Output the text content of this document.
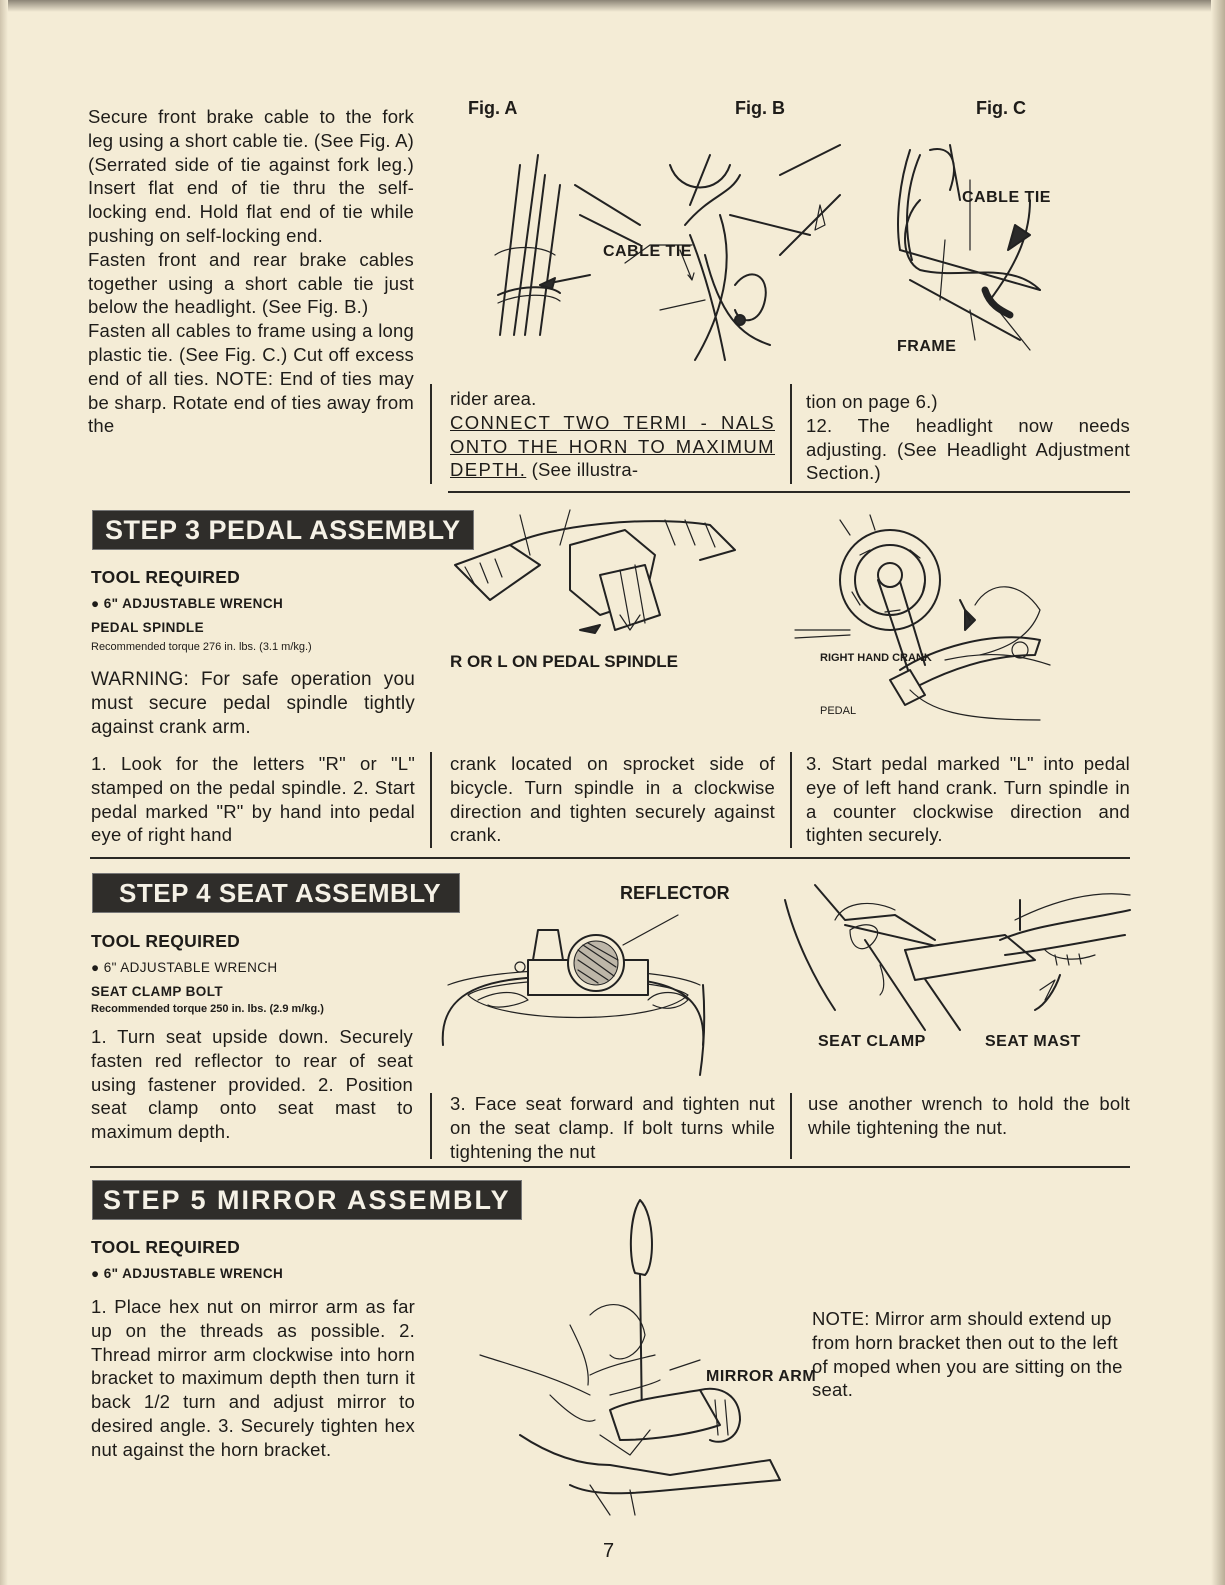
Secure front brake cable to the fork leg using a short cable tie. (See Fig. A) (Serrated side of tie against fork leg.) Insert flat end of tie thru the self-locking end. Hold flat end of tie while pushing on self-locking end.

Fasten front and rear brake cables together using a short cable tie just below the headlight. (See Fig. B.)

Fasten all cables to frame using a long plastic tie. (See Fig. C.) Cut off excess end of all ties. NOTE: End of ties may be sharp. Rotate end of ties away from the

rider area.
CONNECT TWO TERMI - NALS ONTO THE HORN TO MAXIMUM DEPTH. (See illustra-
tion on page 6.)
12. The headlight now needs adjusting. (See Headlight Adjustment Section.)
Fig. A	Fig. B	Fig. C
CABLE TIE
CABLE TIE
FRAME
STEP 3 PEDAL ASSEMBLY
TOOL REQUIRED
● 6" ADJUSTABLE WRENCH
PEDAL SPINDLE
Recommended torque 276 in. lbs. (3.1 m/kg.)
WARNING: For safe operation you must secure pedal spindle tightly against crank arm.
R OR L ON PEDAL SPINDLE	RIGHT HAND CRANK
PEDAL
1. Look for the letters "R" or "L" stamped on the pedal spindle. 2. Start pedal marked "R" by hand into pedal eye of right hand
crank located on sprocket side of bicycle. Turn spindle in a clockwise direction and tighten securely against crank.
3. Start pedal marked "L" into pedal eye of left hand crank. Turn spindle in a counter clockwise direction and tighten securely.
STEP 4 SEAT ASSEMBLY
TOOL REQUIRED
● 6" ADJUSTABLE WRENCH
SEAT CLAMP BOLT
Recommended torque 250 in. lbs. (2.9 m/kg.)
1. Turn seat upside down. Securely fasten red reflector to rear of seat using fastener provided. 2. Position seat clamp onto seat mast to maximum depth.
REFLECTOR
SEAT CLAMP	SEAT MAST
3. Face seat forward and tighten nut on the seat clamp. If bolt turns while tightening the nut
use another wrench to hold the bolt while tightening the nut.
STEP 5 MIRROR ASSEMBLY
TOOL REQUIRED
● 6" ADJUSTABLE WRENCH
1. Place hex nut on mirror arm as far up on the threads as possible. 2. Thread mirror arm clockwise into horn bracket to maximum depth then turn it back 1/2 turn and adjust mirror to desired angle. 3. Securely tighten hex nut against the horn bracket.
MIRROR ARM
NOTE: Mirror arm should extend up from horn bracket then out to the left of moped when you are sitting on the seat.
7
